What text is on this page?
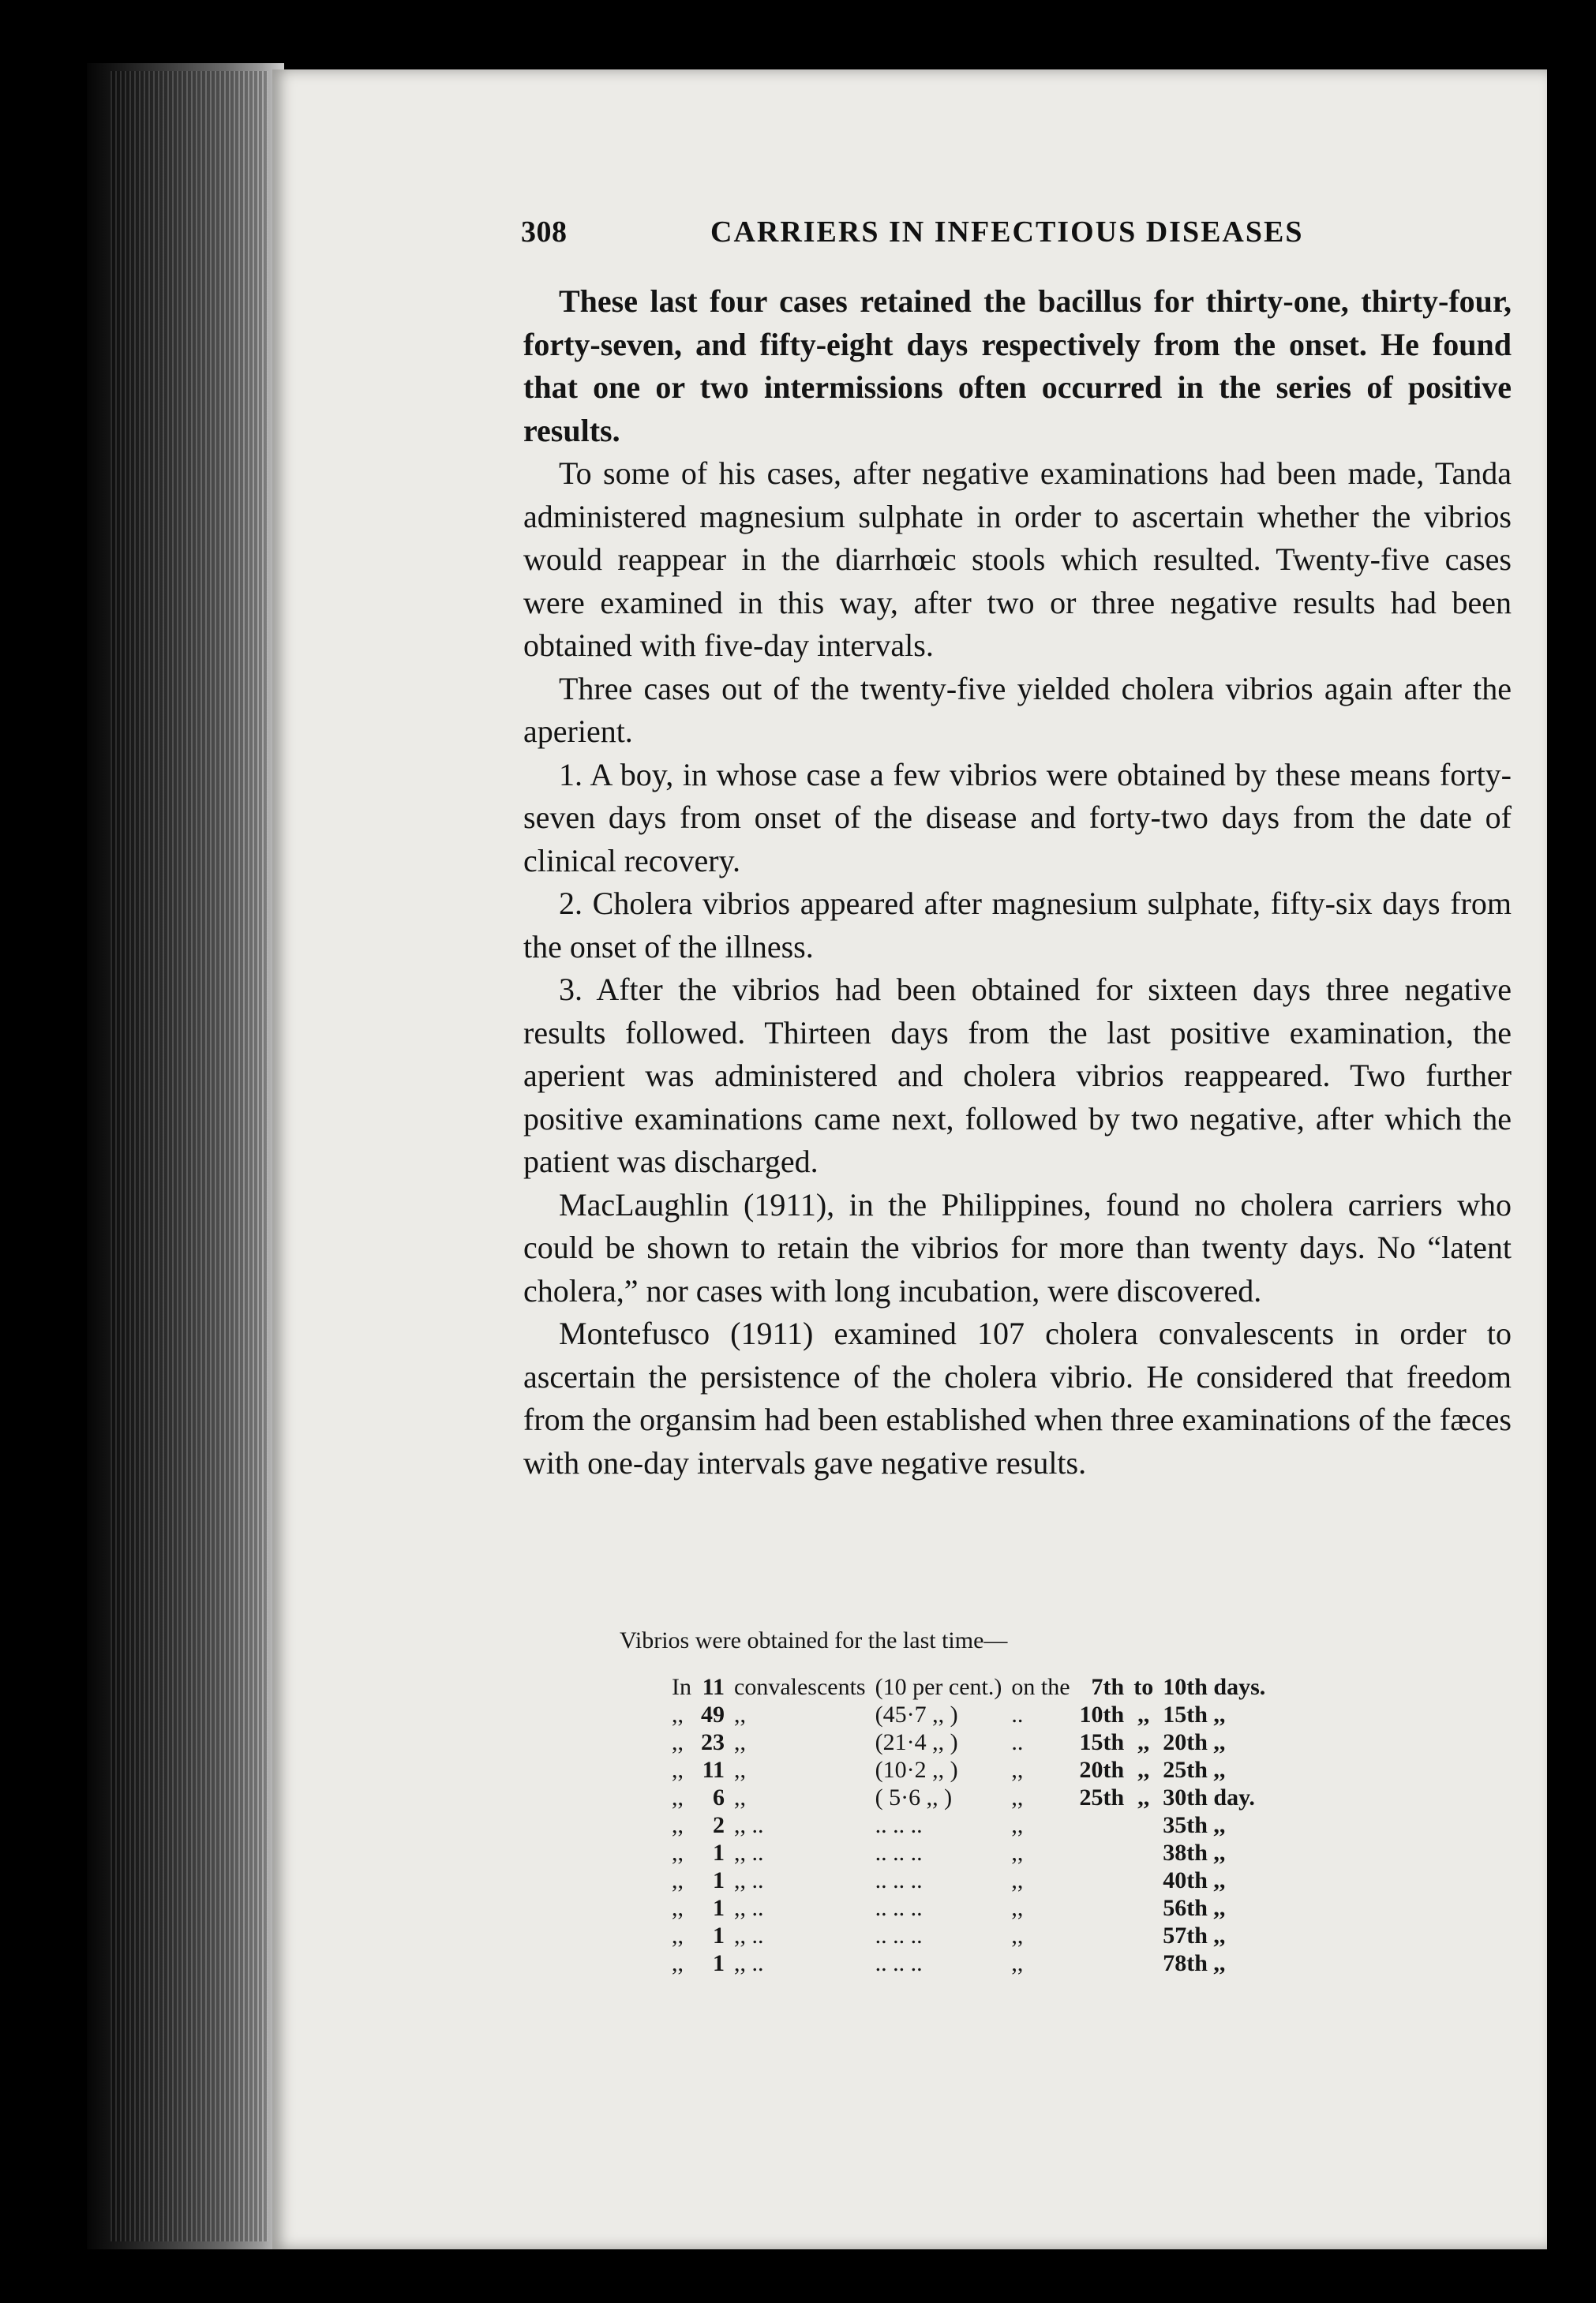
308	CARRIERS IN INFECTIOUS DISEASES

These last four cases retained the bacillus for thirty-one, thirty-four, forty-seven, and fifty-eight days respectively from the onset. He found that one or two intermissions often occurred in the series of positive results.

To some of his cases, after negative examinations had been made, Tanda administered magnesium sulphate in order to ascertain whether the vibrios would reappear in the diarrhœic stools which resulted. Twenty-five cases were examined in this way, after two or three negative results had been obtained with five-day intervals.

Three cases out of the twenty-five yielded cholera vibrios again after the aperient.

1. A boy, in whose case a few vibrios were obtained by these means forty-seven days from onset of the disease and forty-two days from the date of clinical recovery.

2. Cholera vibrios appeared after magnesium sulphate, fifty-six days from the onset of the illness.

3. After the vibrios had been obtained for sixteen days three negative results followed. Thirteen days from the last positive examination, the aperient was administered and cholera vibrios reappeared. Two further positive examinations came next, followed by two negative, after which the patient was discharged.

MacLaughlin (1911), in the Philippines, found no cholera carriers who could be shown to retain the vibrios for more than twenty days. No “latent cholera,” nor cases with long incubation, were discovered.

Montefusco (1911) examined 107 cholera convalescents in order to ascertain the persistence of the cholera vibrio. He considered that freedom from the organsim had been established when three examinations of the fæces with one-day intervals gave negative results.

Vibrios were obtained for the last time—
In	11	convalescents	(10 per cent.)	on the	7th	to	10th days.
,,	49	,,	(45·7 ,, )	..	10th	,,	15th ,,
,,	23	,,	(21·4 ,, )	..	15th	,,	20th ,,
,,	11	,,	(10·2 ,, )	,,	20th	,,	25th ,,
,,	6	,,	( 5·6 ,, )	,,	25th	,,	30th day.
,,	2	,, ..	.. .. ..	,,			35th ,,
,,	1	,, ..	.. .. ..	,,			38th ,,
,,	1	,, ..	.. .. ..	,,			40th ,,
,,	1	,, ..	.. .. ..	,,			56th ,,
,,	1	,, ..	.. .. ..	,,			57th ,,
,,	1	,, ..	.. .. ..	,,			78th ,,
